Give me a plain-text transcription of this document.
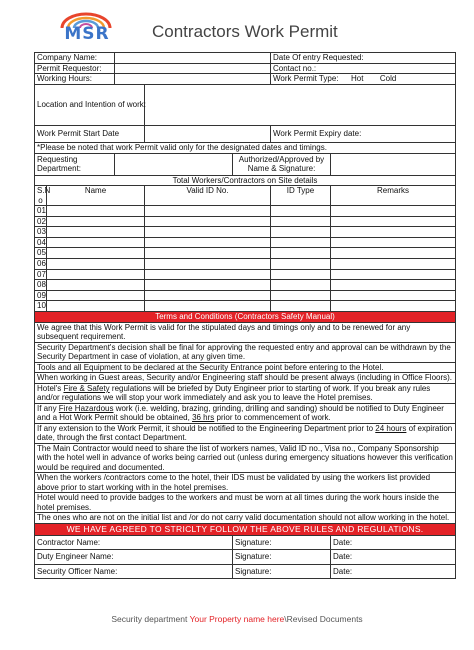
MSR	Contractors Work Permit
Company Name:					Date Of entry Requested:	
Permit Requestor:					Contact no.:	
Working Hours:					Work Permit Type: Hot Cold	
Location and Intention of work:						
Work Permit Start Date					Work Permit Expiry date:	
*Please be noted that work Permit valid only for the designated dates and timings.						
Requesting Department:				Authorized/Approved by Name & Signature:		
Total Workers/Contractors on Site details						
S.N o	Name		Valid ID No.		ID Type	Remarks
01						
02						
03						
04						
05						
06						
07						
08						
09						
10						
Terms and Conditions (Contractors Safety Manual)						
We agree that this Work Permit is valid for the stipulated days and timings only and to be renewed for any subsequent requirement.						
Security Department's decision shall be final for approving the requested entry and approval can be withdrawn by the Security Department in case of violation, at any given time.						
Tools and all Equipment to be declared at the Security Entrance point before entering to the Hotel.						
When working in Guest areas, Security and/or Engineering staff should be present always (including in Office Floors).						
Hotel's Fire & Safety regulations will be briefed by Duty Engineer prior to starting of work. If you break any rules and/or regulations we will stop your work immediately and ask you to leave the Hotel premises.						
If any Fire Hazardous work (i.e. welding, brazing, grinding, drilling and sanding) should be notified to Duty Engineer and a Hot Work Permit should be obtained, 36 hrs prior to commencement of work.						
If any extension to the Work Permit, it should be notified to the Engineering Department prior to 24 hours of expiration date, through the first contact Department.						
The Main Contractor would need to share the list of workers names, Valid ID no., Visa no., Company Sponsorship with the hotel well in advance of works being carried out (unless during emergency situations however this verification would be required and documented.						
When the workers /contractors come to the hotel, their IDS must be validated by using the workers list provided above prior to start working with in the hotel premises.						
Hotel would need to provide badges to the workers and must be worn at all times during the work hours inside the hotel premises.						
The ones who are not on the initial list and /or do not carry valid documentation should not allow working in the hotel.						
WE HAVE AGREED TO STRICLTY FOLLOW THE ABOVE RULES AND REGULATIONS.						
Contractor Name:				Signature:		Date:
Duty Engineer Name:				Signature:		Date:
Security Officer Name:				Signature:		Date:
Security department Your Property name here\Revised Documents
